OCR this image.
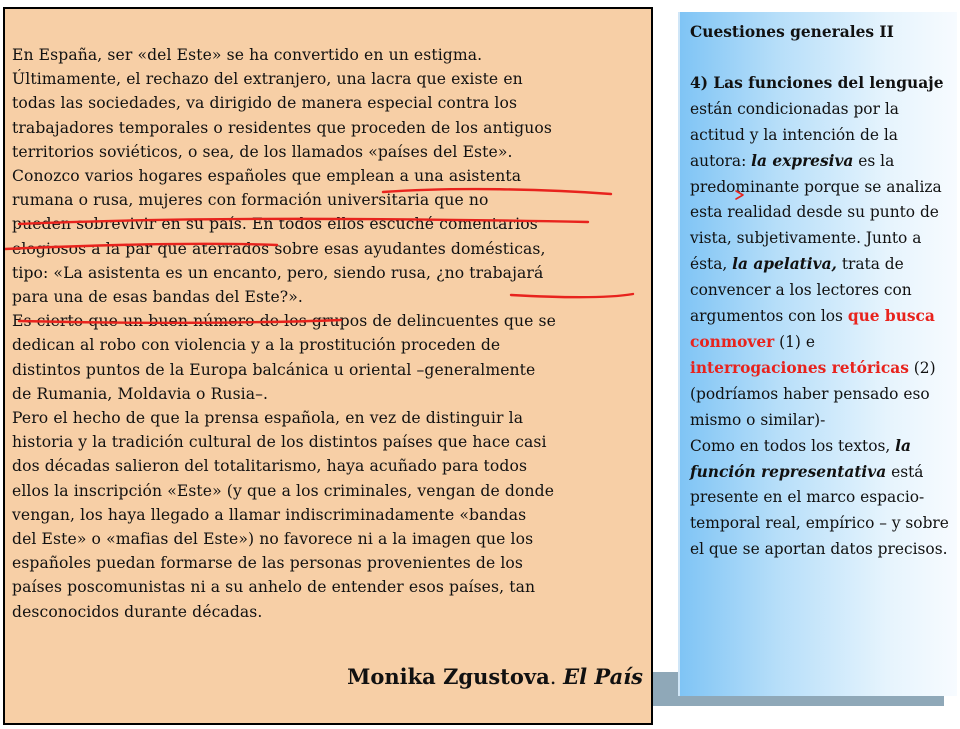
En España, ser «del Este» se ha convertido en un estigma.

Últimamente, el rechazo del extranjero, una lacra que existe en

todas las sociedades, va dirigido de manera especial contra los

trabajadores temporales o residentes que proceden de los antiguos

territorios soviéticos, o sea, de los llamados «países del Este».

Conozco varios hogares españoles que emplean a una asistenta

rumana o rusa, mujeres con formación universitaria que no

pueden sobrevivir en su país. En todos ellos escuché comentarios

elogiosos a la par que aterrados sobre esas ayudantes domésticas,

tipo: «La asistenta es un encanto, pero, siendo rusa, ¿no trabajará

para una de esas bandas del Este?».

Es cierto que un buen número de los grupos de delincuentes que se

dedican al robo con violencia y a la prostitución proceden de

distintos puntos de la Europa balcánica u oriental –generalmente

de Rumania, Moldavia o Rusia–.

Pero el hecho de que la prensa española, en vez de distinguir la

historia y la tradición cultural de los distintos países que hace casi

dos décadas salieron del totalitarismo, haya acuñado para todos

ellos la inscripción «Este» (y que a los criminales, vengan de donde

vengan, los haya llegado a llamar indiscriminadamente «bandas

del Este» o «mafias del Este») no favorece ni a la imagen que los

españoles puedan formarse de las personas provenientes de los

países poscomunistas ni a su anhelo de entender esos países, tan

desconocidos durante décadas.

Monika Zgustova. El País
Cuestiones generales II

4) Las funciones del lenguaje están condicionadas por la actitud y la intención de la autora: la expresiva es la predominante porque se analiza esta realidad desde su punto de vista, subjetivamente. Junto a ésta, la apelativa, trata de convencer a los lectores con argumentos con los que busca conmover (1) e interrogaciones retóricas (2)(podríamos haber pensado eso mismo o similar)-

Como en todos los textos, la función representativa está presente en el marco espacio-temporal real, empírico – y sobre el que se aportan datos precisos.
